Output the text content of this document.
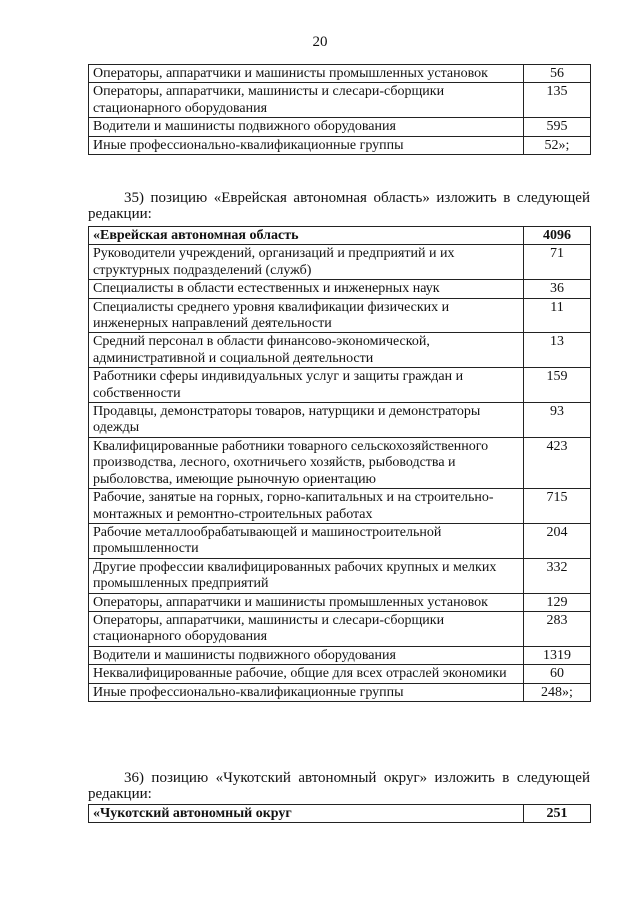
20
Операторы, аппаратчики и машинисты промышленных установок	56
Операторы, аппаратчики, машинисты и слесари-сборщики стационарного оборудования	135
Водители и машинисты подвижного оборудования	595
Иные профессионально-квалификационные группы	52»;
35) позицию «Еврейская автономная область» изложить в следующей редакции:
«Еврейская автономная область	4096
Руководители учреждений, организаций и предприятий и их структурных подразделений (служб)	71
Специалисты в области естественных и инженерных наук	36
Специалисты среднего уровня квалификации физических и инженерных направлений деятельности	11
Средний персонал в области финансово-экономической, административной и социальной деятельности	13
Работники сферы индивидуальных услуг и защиты граждан и собственности	159
Продавцы, демонстраторы товаров, натурщики и демонстраторы одежды	93
Квалифицированные работники товарного сельскохозяйственного производства, лесного, охотничьего хозяйств, рыбоводства и рыболовства, имеющие рыночную ориентацию	423
Рабочие, занятые на горных, горно-капитальных и на строительно-монтажных и ремонтно-строительных работах	715
Рабочие металлообрабатывающей и машиностроительной промышленности	204
Другие профессии квалифицированных рабочих крупных и мелких промышленных предприятий	332
Операторы, аппаратчики и машинисты промышленных установок	129
Операторы, аппаратчики, машинисты и слесари-сборщики стационарного оборудования	283
Водители и машинисты подвижного оборудования	1319
Неквалифицированные рабочие, общие для всех отраслей экономики	60
Иные профессионально-квалификационные группы	248»;
36) позицию «Чукотский автономный округ» изложить в следующей редакции:
«Чукотский автономный округ	251
